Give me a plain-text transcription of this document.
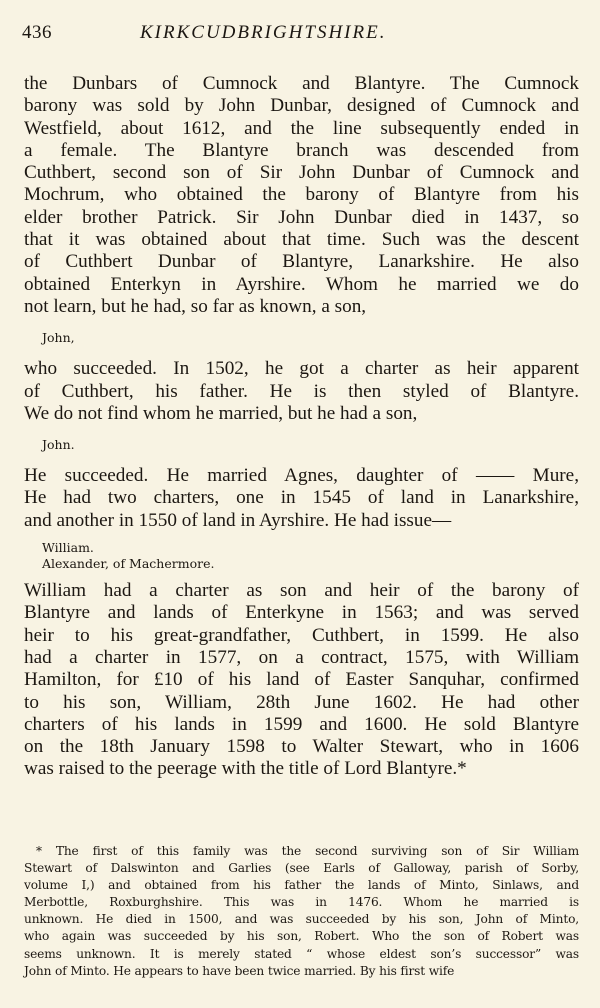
436	KIRKCUDBRIGHTSHIRE.
the Dunbars of Cumnock and Blantyre. The Cumnock
barony was sold by John Dunbar, designed of Cumnock and
Westfield, about 1612, and the line subsequently ended in
a female. The Blantyre branch was descended from
Cuthbert, second son of Sir John Dunbar of Cumnock and
Mochrum, who obtained the barony of Blantyre from his
elder brother Patrick. Sir John Dunbar died in 1437, so
that it was obtained about that time. Such was the descent
of Cuthbert Dunbar of Blantyre, Lanarkshire. He also
obtained Enterkyn in Ayrshire. Whom he married we do
not learn, but he had, so far as known, a son,
John,
who succeeded. In 1502, he got a charter as heir apparent
of Cuthbert, his father. He is then styled of Blantyre.
We do not find whom he married, but he had a son,
John.
He succeeded. He married Agnes, daughter of —— Mure,
He had two charters, one in 1545 of land in Lanarkshire,
and another in 1550 of land in Ayrshire. He had issue—
William.
Alexander, of Machermore.
William had a charter as son and heir of the barony of
Blantyre and lands of Enterkyne in 1563; and was served
heir to his great-grandfather, Cuthbert, in 1599. He also
had a charter in 1577, on a contract, 1575, with William
Hamilton, for £10 of his land of Easter Sanquhar, confirmed
to his son, William, 28th June 1602. He had other
charters of his lands in 1599 and 1600. He sold Blantyre
on the 18th January 1598 to Walter Stewart, who in 1606
was raised to the peerage with the title of Lord Blantyre.*
* The first of this family was the second surviving son of Sir William
Stewart of Dalswinton and Garlies (see Earls of Galloway, parish of Sorby,
volume I,) and obtained from his father the lands of Minto, Sinlaws, and
Merbottle, Roxburghshire. This was in 1476. Whom he married is
unknown. He died in 1500, and was succeeded by his son, John of Minto,
who again was succeeded by his son, Robert. Who the son of Robert was
seems unknown. It is merely stated “ whose eldest son’s successor” was
John of Minto. He appears to have been twice married. By his first wife
